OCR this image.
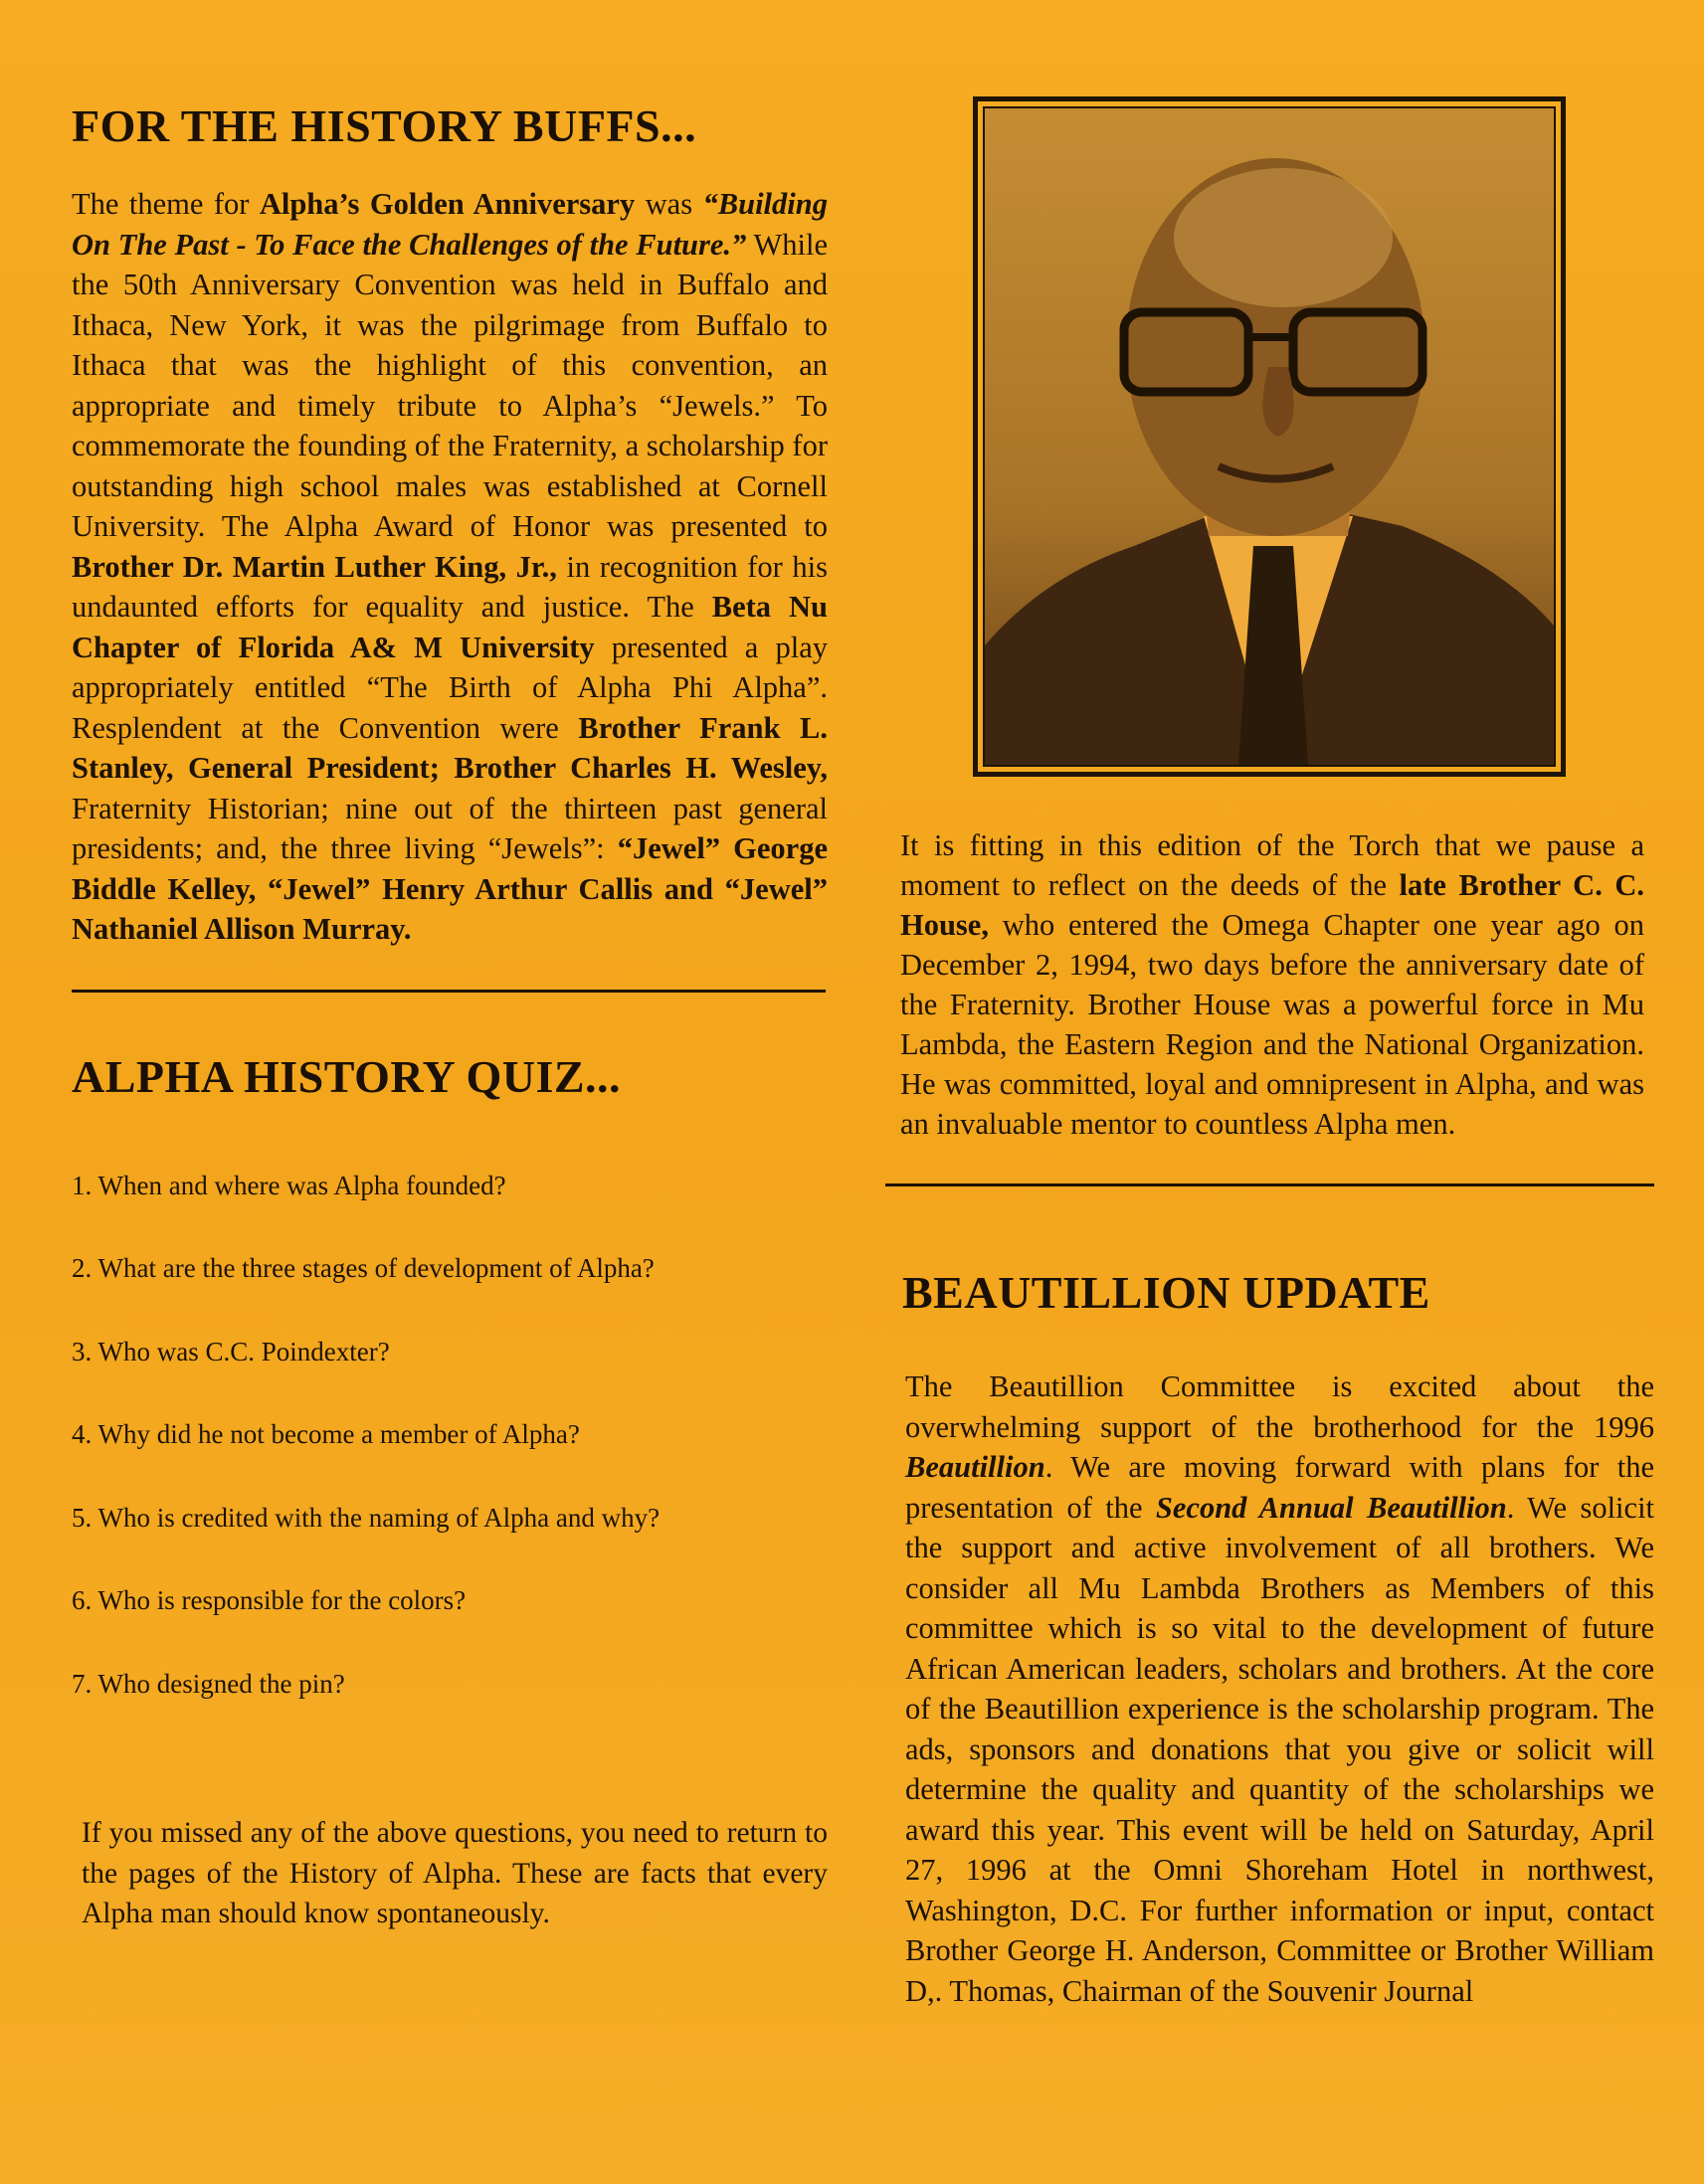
FOR THE HISTORY BUFFS...

The theme for Alpha’s Golden Anniversary was “Building On The Past - To Face the Challenges of the Future.” While the 50th Anniversary Convention was held in Buffalo and Ithaca, New York, it was the pilgrimage from Buffalo to Ithaca that was the highlight of this convention, an appropriate and timely tribute to Alpha’s “Jewels.” To commemorate the founding of the Fraternity, a scholarship for outstanding high school males was established at Cornell University. The Alpha Award of Honor was presented to Brother Dr. Martin Luther King, Jr., in recognition for his undaunted efforts for equality and justice. The Beta Nu Chapter of Florida A& M University presented a play appropriately entitled “The Birth of Alpha Phi Alpha”. Resplendent at the Convention were Brother Frank L. Stanley, General President; Brother Charles H. Wesley, Fraternity Historian; nine out of the thirteen past general presidents; and, the three living “Jewels”: “Jewel” George Biddle Kelley, “Jewel” Henry Arthur Callis and “Jewel” Nathaniel Allison Murray.

ALPHA HISTORY QUIZ...
1. When and where was Alpha founded?
2. What are the three stages of development of Alpha?
3. Who was C.C. Poindexter?
4. Why did he not become a member of Alpha?
5. Who is credited with the naming of Alpha and why?
6. Who is responsible for the colors?
7. Who designed the pin?

If you missed any of the above questions, you need to return to the pages of the History of Alpha. These are facts that every Alpha man should know spontaneously.

It is fitting in this edition of the Torch that we pause a moment to reflect on the deeds of the late Brother C. C. House, who entered the Omega Chapter one year ago on December 2, 1994, two days before the anniversary date of the Fraternity. Brother House was a powerful force in Mu Lambda, the Eastern Region and the National Organization. He was committed, loyal and omnipresent in Alpha, and was an invaluable mentor to countless Alpha men.

BEAUTILLION UPDATE

The Beautillion Committee is excited about the overwhelming support of the brotherhood for the 1996 Beautillion. We are moving forward with plans for the presentation of the Second Annual Beautillion. We solicit the support and active involvement of all brothers. We consider all Mu Lambda Brothers as Members of this committee which is so vital to the development of future African American leaders, scholars and brothers. At the core of the Beautillion experience is the scholarship program. The ads, sponsors and donations that you give or solicit will determine the quality and quantity of the scholarships we award this year. This event will be held on Saturday, April 27, 1996 at the Omni Shoreham Hotel in northwest, Washington, D.C. For further information or input, contact Brother George H. Anderson, Committee or Brother William D,. Thomas, Chairman of the Souvenir Journal
